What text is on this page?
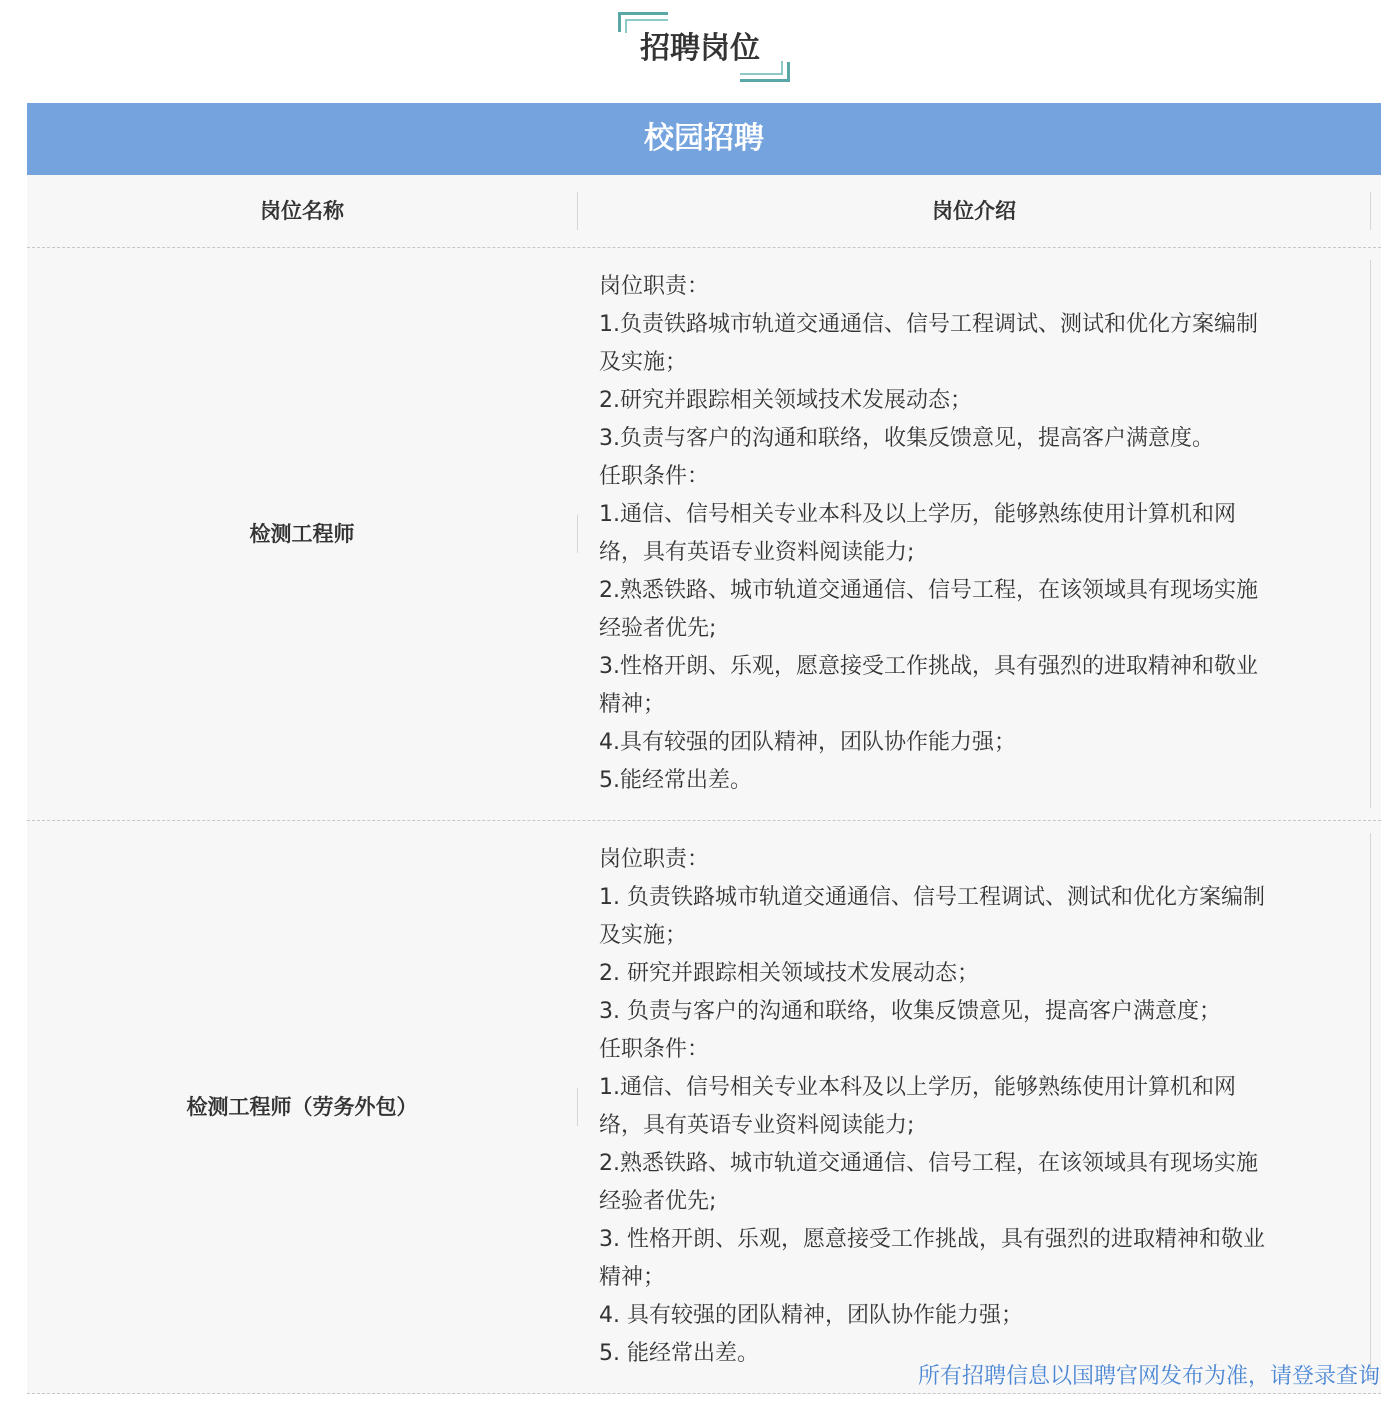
招聘岗位
校园招聘
岗位名称	岗位介绍
检测工程师
岗位职责：
1.负责铁路城市轨道交通通信、信号工程调试、测试和优化方案编制
及实施；
2.研究并跟踪相关领域技术发展动态；
3.负责与客户的沟通和联络，收集反馈意见，提高客户满意度。
任职条件：
1.通信、信号相关专业本科及以上学历，能够熟练使用计算机和网
络，具有英语专业资料阅读能力;
2.熟悉铁路、城市轨道交通通信、信号工程，在该领域具有现场实施
经验者优先;
3.性格开朗、乐观，愿意接受工作挑战，具有强烈的进取精神和敬业
精神；
4.具有较强的团队精神，团队协作能力强；
5.能经常出差。
检测工程师（劳务外包）
岗位职责：
1. 负责铁路城市轨道交通通信、信号工程调试、测试和优化方案编制
及实施；
2. 研究并跟踪相关领域技术发展动态；
3. 负责与客户的沟通和联络，收集反馈意见，提高客户满意度；
任职条件：
1.通信、信号相关专业本科及以上学历，能够熟练使用计算机和网
络，具有英语专业资料阅读能力;
2.熟悉铁路、城市轨道交通通信、信号工程，在该领域具有现场实施
经验者优先;
3. 性格开朗、乐观，愿意接受工作挑战，具有强烈的进取精神和敬业
精神；
4. 具有较强的团队精神，团队协作能力强；
5. 能经常出差。
所有招聘信息以国聘官网发布为准，请登录查询
